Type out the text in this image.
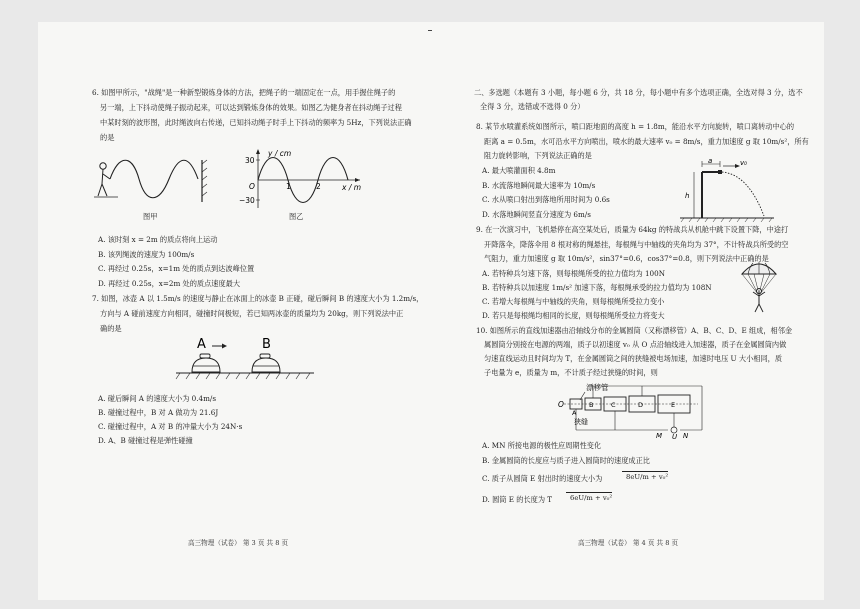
6. 如图甲所示，"战绳"是一种新型锻炼身体的方法，把绳子的一端固定在一点，用手握住绳子的
另一端，上下抖动使绳子振动起来，可以达到锻炼身体的效果。如图乙为健身者在抖动绳子过程
中某时刻的波形图，此时绳波向右传递，已知抖动绳子时手上下抖动的频率为 5Hz，下列说法正确
的是
图甲
y / cm
30
−30
O	1	2	x / m
图乙
A. 该时刻 x = 2m 的质点将向上运动
B. 该列绳波的速度为 100m/s
C. 再经过 0.25s，x=1m 处的质点到达波峰位置
D. 再经过 0.25s，x=2m 处的质点速度最大
7. 如图，冰壶 A 以 1.5m/s 的速度与静止在冰面上的冰壶 B 正碰，碰后瞬间 B 的速度大小为 1.2m/s，
方向与 A 碰前速度方向相同，碰撞时间极短，若已知两冰壶的质量均为 20kg，则下列说法中正
确的是
A	B
A. 碰后瞬间 A 的速度大小为 0.4m/s
B. 碰撞过程中，B 对 A 做功为 21.6J
C. 碰撞过程中，A 对 B 的冲量大小为 24N·s
D. A、B 碰撞过程是弹性碰撞
高三物理（试卷） 第 3 页 共 8 页
二、多选题（本题有 3 小题，每小题 6 分，共 18 分，每小题中有多个选项正确，全选对得 3 分，选不
全得 3 分，选错或不选得 0 分）
8. 某节水喷灌系统如图所示，喷口距地面的高度 h = 1.8m，能沿水平方向旋转，喷口离转动中心的
距离 a = 0.5m，水可沿水平方向喷出，喷水的最大速率 v₀ = 8m/s，重力加速度 g 取 10m/s²，所有
阻力旋转影响，下列说法正确的是
a
h
v₀
A. 最大喷灌面积 4.8m
B. 水流落地瞬间最大速率为 10m/s
C. 水从喷口射出到落地所用时间为 0.6s
D. 水落地瞬间竖直分速度为 6m/s
9. 在一次演习中，飞机悬停在高空某处后，质量为 64kg 的特战兵从机舱中跳下设置下降，中途打
开降落伞，降落伞用 8 根对称的绳悬挂，每根绳与中轴线的夹角均为 37°，不计特战兵所受的空
气阻力，重力加速度 g 取 10m/s²，sin37°=0.6，cos37°=0.8，则下列说法中正确的是
A. 若特种兵匀速下落，则每根绳所受的拉力值均为 100N
B. 若特种兵以加速度 1m/s² 加速下落，每根绳承受的拉力值均为 108N
C. 若增大每根绳与中轴线的夹角，则每根绳所受拉力变小
D. 若只是每根绳均相同的长度，则每根绳所受拉力将变大
10. 如图所示的直线加速器由沿轴线分布的金属圆筒（又称漂移管）A、B、C、D、E 组成，相邻金
属圆筒分别接在电源的两端，质子以初速度 v₀ 从 O 点沿轴线进入加速器，质子在金属圆筒内做
匀速直线运动且时间均为 T，在金属圆筒之间的狭缝被电场加速，加速时电压 U 大小相同，质
子电量为 e，质量为 m，不计质子经过狭缝的时间，则
漂移管
O
A
B	C	D	E
狭缝
M U N
A. MN 所接电源的极性应周期性变化
B. 金属圆筒的长度应与质子进入圆筒时的速度成正比
C. 质子从圆筒 E 射出时的速度大小为	8eU/m + v₀²
D. 圆筒 E 的长度为 T	6eU/m + v₀²
高三物理（试卷） 第 4 页 共 8 页
